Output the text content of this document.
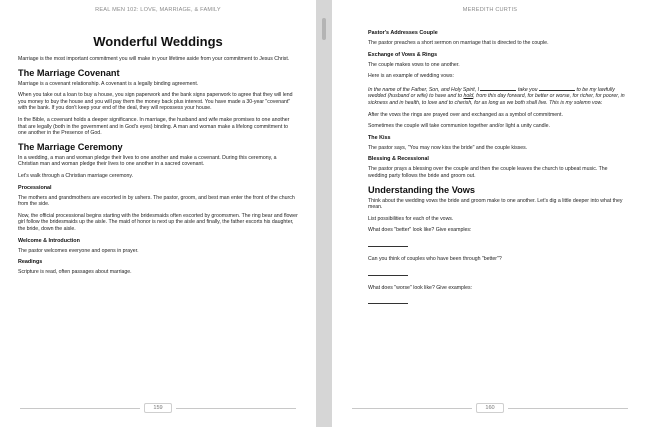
REAL MEN 102: LOVE, MARRIAGE, & FAMILY
Wonderful Weddings

Marriage is the most important commitment you will make in your lifetime aside from your commitment to Jesus Christ.

The Marriage Covenant

Marriage is a covenant relationship. A covenant is a legally binding agreement.

When you take out a loan to buy a house, you sign paperwork and the bank signs paperwork to agree that they will lend you money to buy the house and you will pay them the money back plus interest. You have made a 30-year "covenant" with the bank. If you don't keep your end of the deal, they will repossess your house.

In the Bible, a covenant holds a deeper significance. In marriage, the husband and wife make promises to one another that are legally (both in the government and in God's eyes) binding. A man and woman make a lifelong commitment to one another in the Presence of God.

The Marriage Ceremony

In a wedding, a man and woman pledge their lives to one another and make a covenant. During this ceremony, a Christian man and woman pledge their lives to one another in a sacred covenant.

Let's walk through a Christian marriage ceremony.

Processional

The mothers and grandmothers are escorted in by ushers. The pastor, groom, and best man enter the front of the church from the side.

Now, the official processional begins starting with the bridesmaids often escorted by groomsmen. The ring bear and flower girl follow the bridesmaids up the aisle. The maid of honor is next up the aisle and finally, the father escorts his daughter, the bride, down the aisle.

Welcome & Introduction

The pastor welcomes everyone and opens in prayer.

Readings

Scripture is read, often passages about marriage.

159
MEREDITH CURTIS
Pastor's Addresses Couple

The pastor preaches a short sermon on marriage that is directed to the couple.

Exchange of Vows & Rings

The couple makes vows to one another.

Here is an example of wedding vows:

In the name of the Father, Son, and Holy Spirit, I	take you	to be my lawfully wedded (husband or wife) to have and to hold, from this day forward, for better or worse, for richer, for poorer, in sickness and in health, to love and to cherish, for as long as we both shall live. This is my solemn vow.

After the vows the rings are prayed over and exchanged as a symbol of commitment.

Sometimes the couple will take communion together and/or light a unity candle.

The Kiss

The pastor says, "You may now kiss the bride" and the couple kisses.

Blessing & Recessional

The pastor prays a blessing over the couple and then the couple leaves the church to upbeat music. The wedding party follows the bride and groom out.

Understanding the Vows

Think about the wedding vows the bride and groom make to one another. Let's dig a little deeper into what they mean.

List possibilities for each of the vows.

What does "better" look like? Give examples:

Can you think of couples who have been through "better"?

What does "worse" look like? Give examples:

160
